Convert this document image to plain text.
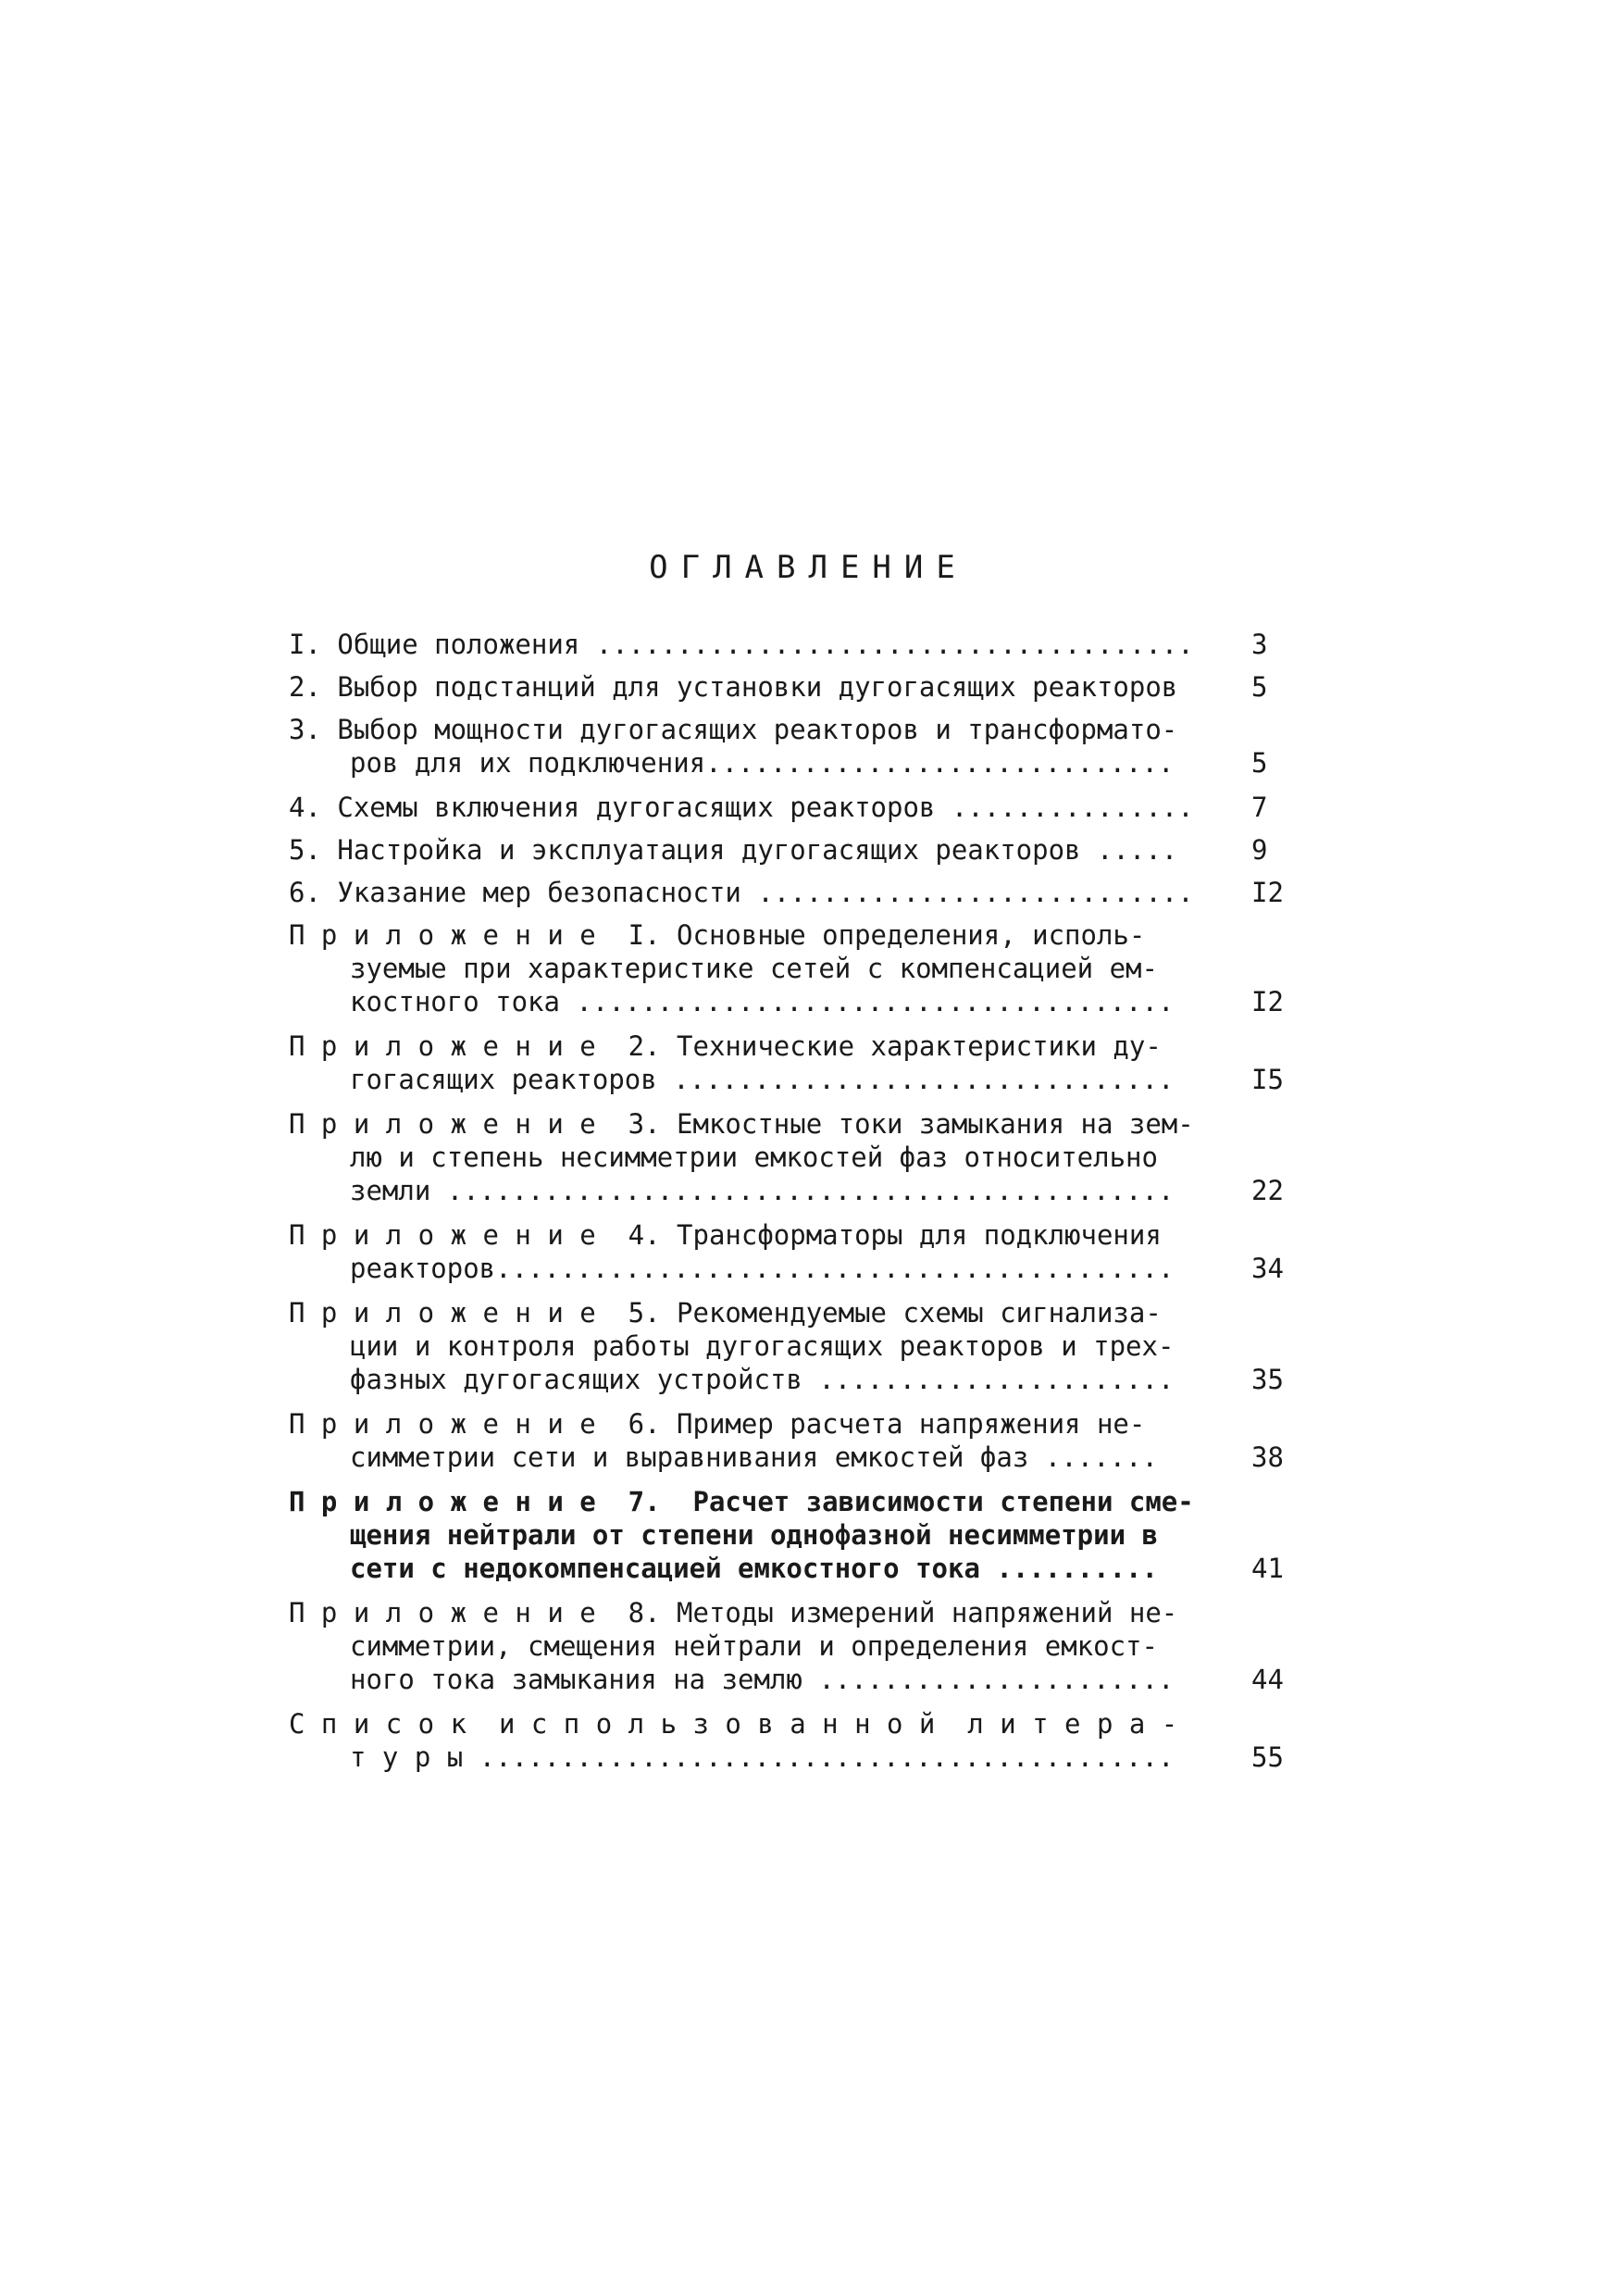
ОГЛАВЛЕНИЕ
I. Общие положения .....................................	3
2. Выбор подстанций для установки дугогасящих реакторов	5
3. Выбор мощности дугогасящих реакторов и трансформато-
ров для их подключения.............................	5
4. Схемы включения дугогасящих реакторов ...............	7
5. Настройка и эксплуатация дугогасящих реакторов .....	9
6. Указание мер безопасности ...........................	I2
П р и л о ж е н и е  I. Основные определения, исполь-
зуемые при характеристике сетей с компенсацией ем-
костного тока .....................................	I2
П р и л о ж е н и е  2. Технические характеристики ду-
гогасящих реакторов ...............................	I5
П р и л о ж е н и е  3. Емкостные токи замыкания на зем-
лю и степень несимметрии емкостей фаз относительно
земли .............................................	22
П р и л о ж е н и е  4. Трансформаторы для подключения
реакторов..........................................	34
П р и л о ж е н и е  5. Рекомендуемые схемы сигнализа-
ции и контроля работы дугогасящих реакторов и трех-
фазных дугогасящих устройств ......................	35
П р и л о ж е н и е  6. Пример расчета напряжения не-
симметрии сети и выравнивания емкостей фаз .......	38
П р и л о ж е н и е  7.  Расчет зависимости степени сме-
щения нейтрали от степени однофазной несимметрии в
сети с недокомпенсацией емкостного тока ..........	41
П р и л о ж е н и е  8. Методы измерений напряжений не-
симметрии, смещения нейтрали и определения емкост-
ного тока замыкания на землю ......................	44
С п и с о к  и с п о л ь з о в а н н о й  л и т е р а -
т у р ы ...........................................	55
